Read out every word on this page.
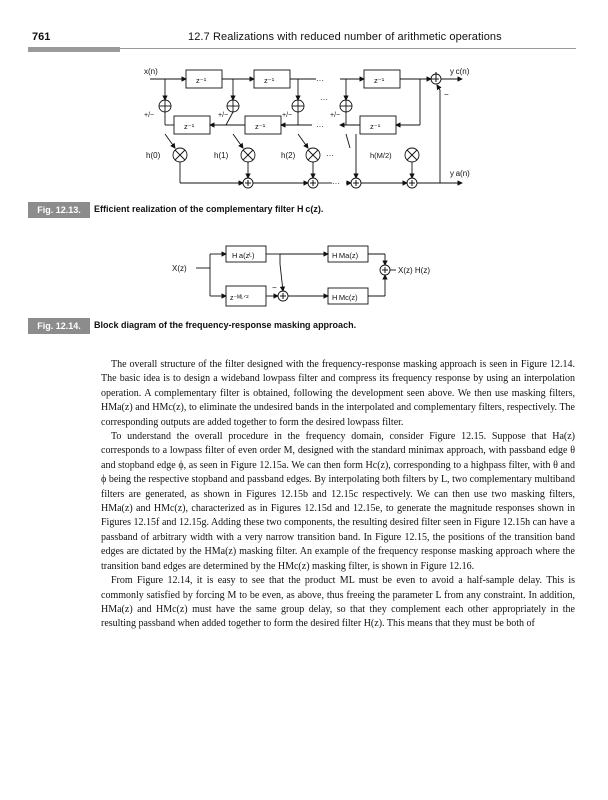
761	12.7 Realizations with reduced number of arithmetic operations
x(n)
z⁻¹	z⁻¹	z⁻¹
z⁻¹	z⁻¹	z⁻¹
···
···
···
···
+/−	+/−	+/−	+/−
−
y c(n)
y a(n)
h(0)	h(1)	h(2)	···	h(M/2)
Fig. 12.13.	Efficient realization of the complementary filter H c(z).
X(z)
H a(zᴸ)
z⁻ᴹᴸᐟ²
H Ma(z)
H Mc(z)
−
X(z) H(z)
Fig. 12.14.	Block diagram of the frequency-response masking approach.

The overall structure of the filter designed with the frequency-response masking approach is seen in Figure 12.14. The basic idea is to design a wideband lowpass filter and compress its frequency response by using an interpolation operation. A complementary filter is obtained, following the development seen above. We then use masking filters, HMa(z) and HMc(z), to eliminate the undesired bands in the interpolated and complementary filters, respectively. The corresponding outputs are added together to form the desired lowpass filter.

To understand the overall procedure in the frequency domain, consider Figure 12.15. Suppose that Ha(z) corresponds to a lowpass filter of even order M, designed with the standard minimax approach, with passband edge θ and stopband edge ϕ, as seen in Figure 12.15a. We can then form Hc(z), corresponding to a highpass filter, with θ and ϕ being the respective stopband and passband edges. By interpolating both filters by L, two complementary multiband filters are generated, as shown in Figures 12.15b and 12.15c respectively. We can then use two masking filters, HMa(z) and HMc(z), characterized as in Figures 12.15d and 12.15e, to generate the magnitude responses shown in Figures 12.15f and 12.15g. Adding these two components, the resulting desired filter seen in Figure 12.15h can have a passband of arbitrary width with a very narrow transition band. In Figure 12.15, the positions of the transition band edges are dictated by the HMa(z) masking filter. An example of the frequency response masking approach where the transition band edges are determined by the HMc(z) masking filter, is shown in Figure 12.16.

From Figure 12.14, it is easy to see that the product ML must be even to avoid a half-sample delay. This is commonly satisfied by forcing M to be even, as above, thus freeing the parameter L from any constraint. In addition, HMa(z) and HMc(z) must have the same group delay, so that they complement each other appropriately in the resulting passband when added together to form the desired filter H(z). This means that they must be both of
